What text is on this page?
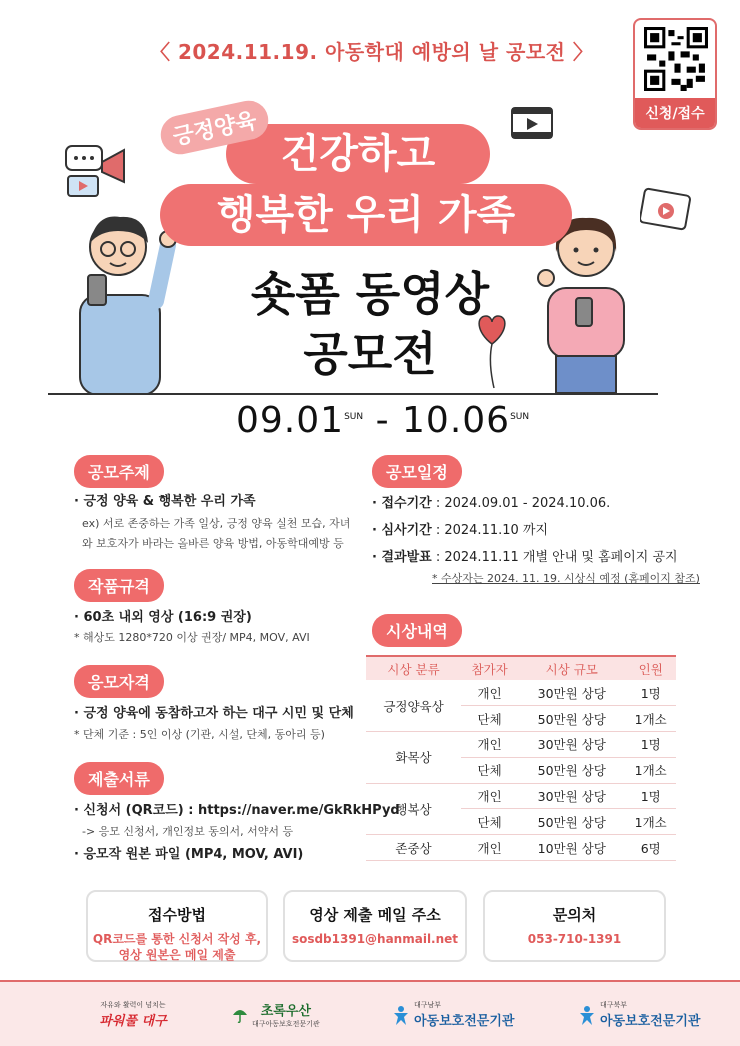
〈 2024.11.19. 아동학대 예방의 날 공모전 〉
신청/접수
건강하고
행복한 우리 가족
긍정양육
숏폼 동영상
공모전
$09.01^{SUN} - 10.06^{SUN}$
공모주제
· 긍정 양육 & 행복한 우리 가족
ex) 서로 존중하는 가족 일상, 긍정 양육 실천 모습, 자녀
와 보호자가 바라는 올바른 양육 방법, 아동학대예방 등
작품규격
· 60초 내외 영상 (16:9 권장)
* 해상도 1280*720 이상 권장/ MP4, MOV, AVI
응모자격
· 긍정 양육에 동참하고자 하는 대구 시민 및 단체
* 단체 기준 : 5인 이상 (기관, 시설, 단체, 동아리 등)
제출서류
· 신청서 (QR코드) : https://naver.me/GkRkHPyd
-> 응모 신청서, 개인정보 동의서, 서약서 등
· 응모작 원본 파일 (MP4, MOV, AVI)
공모일정
· 접수기간 : 2024.09.01 - 2024.10.06.
· 심사기간 : 2024.11.10 까지
· 결과발표 : 2024.11.11 개별 안내 및 홈페이지 공지
* 수상자는 2024. 11. 19. 시상식 예정 (홈페이지 참조)
시상내역
시상 분류	참가자	시상 규모	인원
긍정양육상	개인	30만원 상당	1명
	단체	50만원 상당	1개소
화목상	개인	30만원 상당	1명
	단체	50만원 상당	1개소
행복상	개인	30만원 상당	1명
	단체	50만원 상당	1개소
존중상	개인	10만원 상당	6명
접수방법
QR코드를 통한 신청서 작성 후,
영상 원본은 메일 제출
영상 제출 메일 주소
sosdb1391@hanmail.net
문의처
053-710-1391
자유와 활력이 넘치는
파워풀 대구
초록우산
대구아동보호전문기관
대구남부
아동보호전문기관
대구북부
아동보호전문기관
